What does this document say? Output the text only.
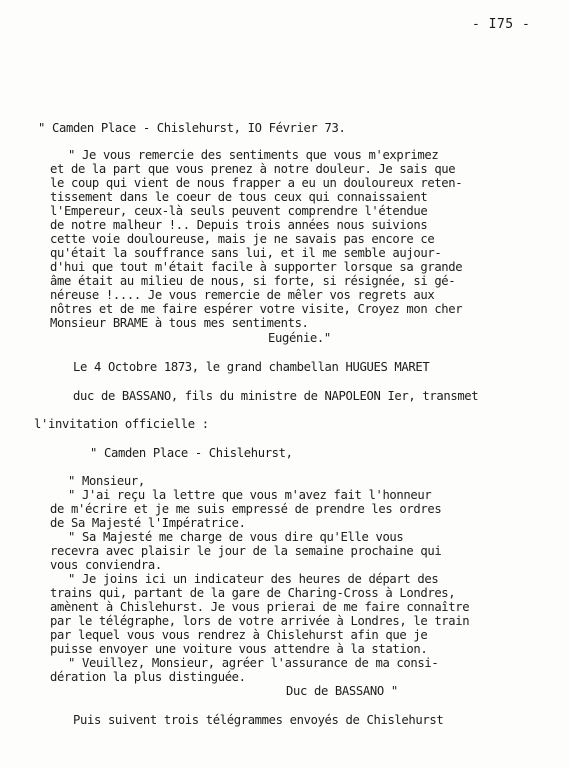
- I75 -
" Camden Place - Chislehurst, IO Février 73.
" Je vous remercie des sentiments que vous m'exprimez
et de la part que vous prenez à notre douleur. Je sais que
le coup qui vient de nous frapper a eu un douloureux reten-
tissement dans le coeur de tous ceux qui connaissaient
l'Empereur, ceux-là seuls peuvent comprendre l'étendue
de notre malheur !.. Depuis trois années nous suivions
cette voie douloureuse, mais je ne savais pas encore ce
qu'était la souffrance sans lui, et il me semble aujour-
d'hui que tout m'était facile à supporter lorsque sa grande
âme était au milieu de nous, si forte, si résignée, si gé-
néreuse !.... Je vous remercie de mêler vos regrets aux
nôtres et de me faire espérer votre visite, Croyez mon cher
Monsieur BRAME à tous mes sentiments.
Eugénie."
Le 4 Octobre 1873, le grand chambellan HUGUES MARET
duc de BASSANO, fils du ministre de NAPOLEON Ier, transmet
l'invitation officielle :
" Camden Place - Chislehurst,
" Monsieur,
" J'ai reçu la lettre que vous m'avez fait l'honneur
de m'écrire et je me suis empressé de prendre les ordres
de Sa Majesté l'Impératrice.
" Sa Majesté me charge de vous dire qu'Elle vous
recevra avec plaisir le jour de la semaine prochaine qui
vous conviendra.
" Je joins ici un indicateur des heures de départ des
trains qui, partant de la gare de Charing-Cross à Londres,
amènent à Chislehurst. Je vous prierai de me faire connaître
par le télégraphe, lors de votre arrivée à Londres, le train
par lequel vous vous rendrez à Chislehurst afin que je
puisse envoyer une voiture vous attendre à la station.
" Veuillez, Monsieur, agréer l'assurance de ma consi-
dération la plus distinguée.
Duc de BASSANO "
Puis suivent trois télégrammes envoyés de Chislehurst
